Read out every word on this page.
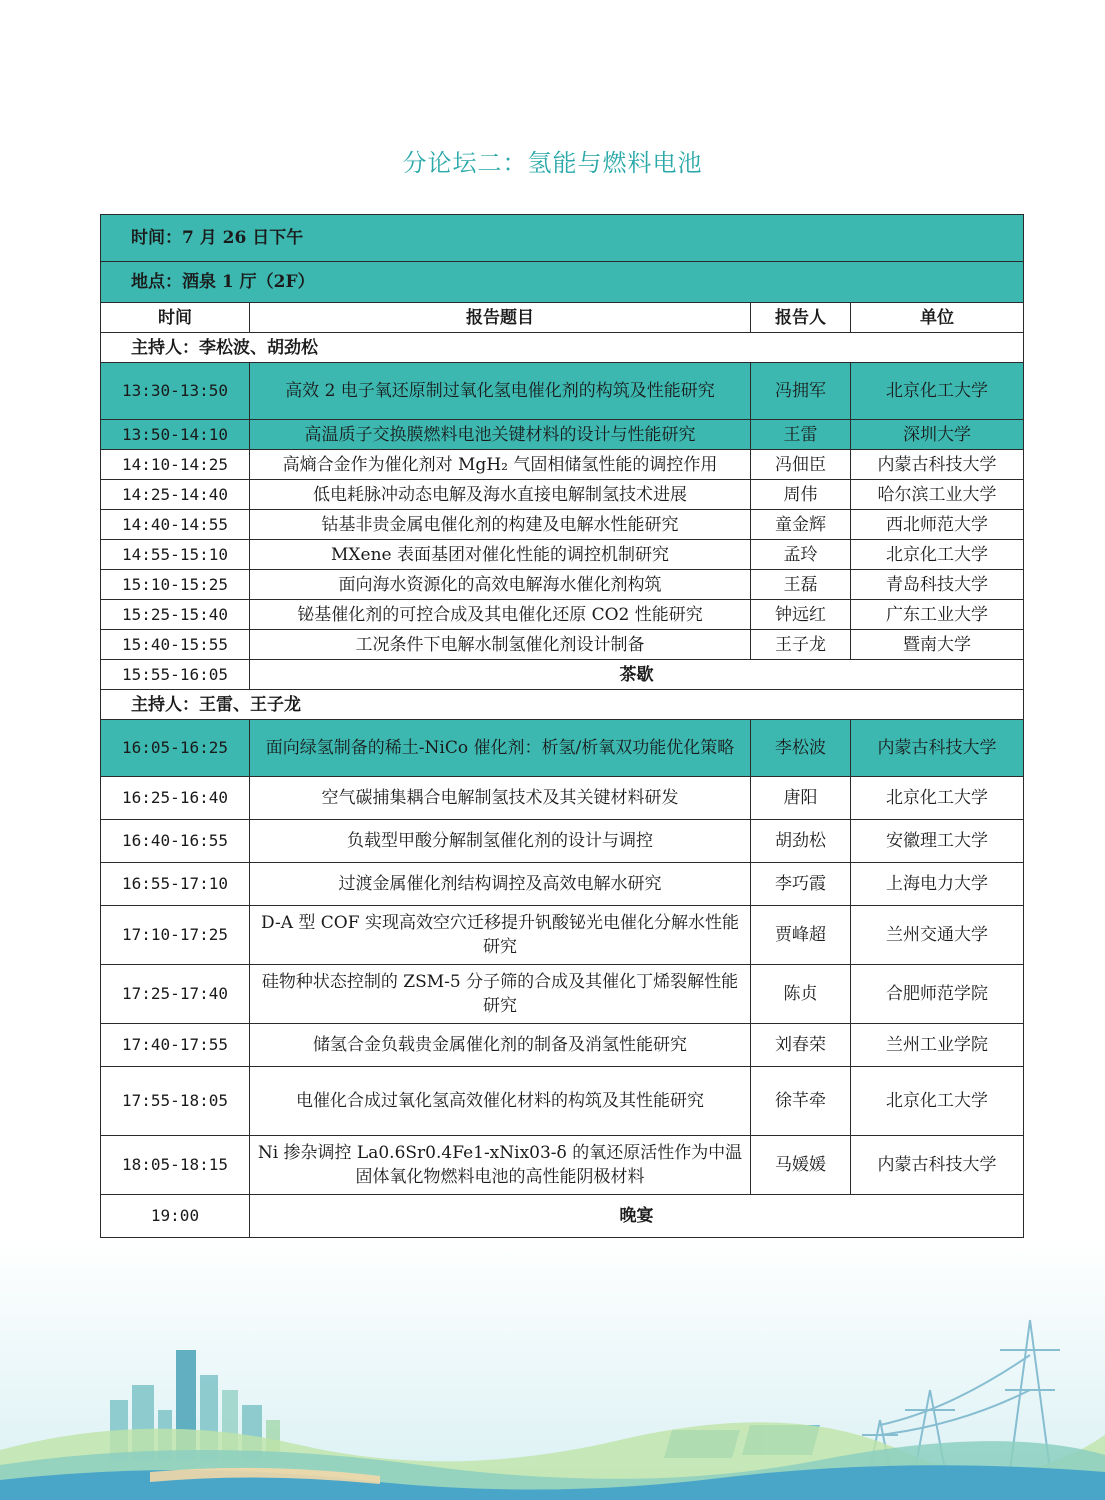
分论坛二：氢能与燃料电池
时间：7 月 26 日下午			
地点：酒泉 1 厅（2F）			
时间	报告题目	报告人	单位
主持人：李松波、胡劲松			
13:30-13:50	高效 2 电子氧还原制过氧化氢电催化剂的构筑及性能研究	冯拥军	北京化工大学
13:50-14:10	高温质子交换膜燃料电池关键材料的设计与性能研究	王雷	深圳大学
14:10-14:25	高熵合金作为催化剂对 MgH₂ 气固相储氢性能的调控作用	冯佃臣	内蒙古科技大学
14:25-14:40	低电耗脉冲动态电解及海水直接电解制氢技术进展	周伟	哈尔滨工业大学
14:40-14:55	钴基非贵金属电催化剂的构建及电解水性能研究	童金辉	西北师范大学
14:55-15:10	MXene 表面基团对催化性能的调控机制研究	孟玲	北京化工大学
15:10-15:25	面向海水资源化的高效电解海水催化剂构筑	王磊	青岛科技大学
15:25-15:40	铋基催化剂的可控合成及其电催化还原 CO2 性能研究	钟远红	广东工业大学
15:40-15:55	工况条件下电解水制氢催化剂设计制备	王子龙	暨南大学
15:55-16:05	茶歇		
主持人：王雷、王子龙			
16:05-16:25	面向绿氢制备的稀土-NiCo 催化剂：析氢/析氧双功能优化策略	李松波	内蒙古科技大学
16:25-16:40	空气碳捕集耦合电解制氢技术及其关键材料研发	唐阳	北京化工大学
16:40-16:55	负载型甲酸分解制氢催化剂的设计与调控	胡劲松	安徽理工大学
16:55-17:10	过渡金属催化剂结构调控及高效电解水研究	李巧霞	上海电力大学
17:10-17:25	D-A 型 COF 实现高效空穴迁移提升钒酸铋光电催化分解水性能研究	贾峰超	兰州交通大学
17:25-17:40	硅物种状态控制的 ZSM-5 分子筛的合成及其催化丁烯裂解性能研究	陈贞	合肥师范学院
17:40-17:55	储氢合金负载贵金属催化剂的制备及消氢性能研究	刘春荣	兰州工业学院
17:55-18:05	电催化合成过氧化氢高效催化材料的构筑及其性能研究	徐芊牵	北京化工大学
18:05-18:15	Ni 掺杂调控 La0.6Sr0.4Fe1-xNix03-δ 的氧还原活性作为中温固体氧化物燃料电池的高性能阴极材料	马媛媛	内蒙古科技大学
19:00	晚宴		
